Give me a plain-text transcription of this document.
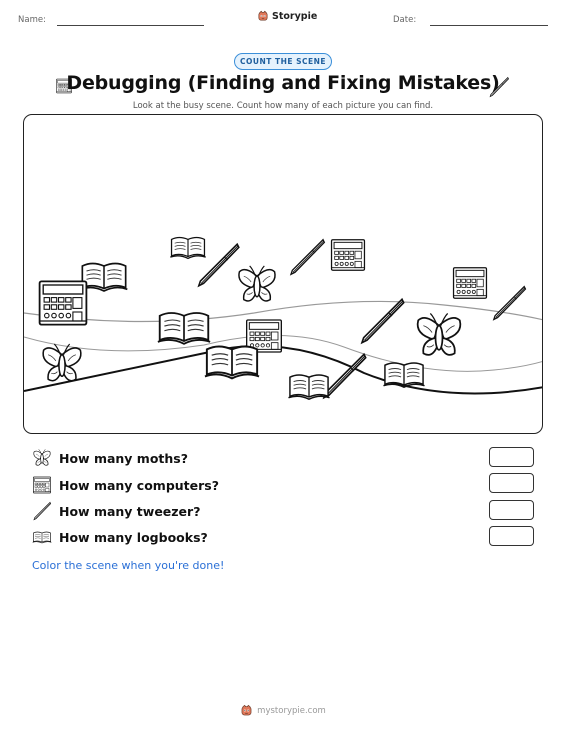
Name:	Storypie	Date:
COUNT THE SCENE
Debugging (Finding and Fixing Mistakes)
Look at the busy scene. Count how many of each picture you can find.
How many moths?
How many computers?
How many tweezer?
How many logbooks?
Color the scene when you're done!
mystorypie.com
